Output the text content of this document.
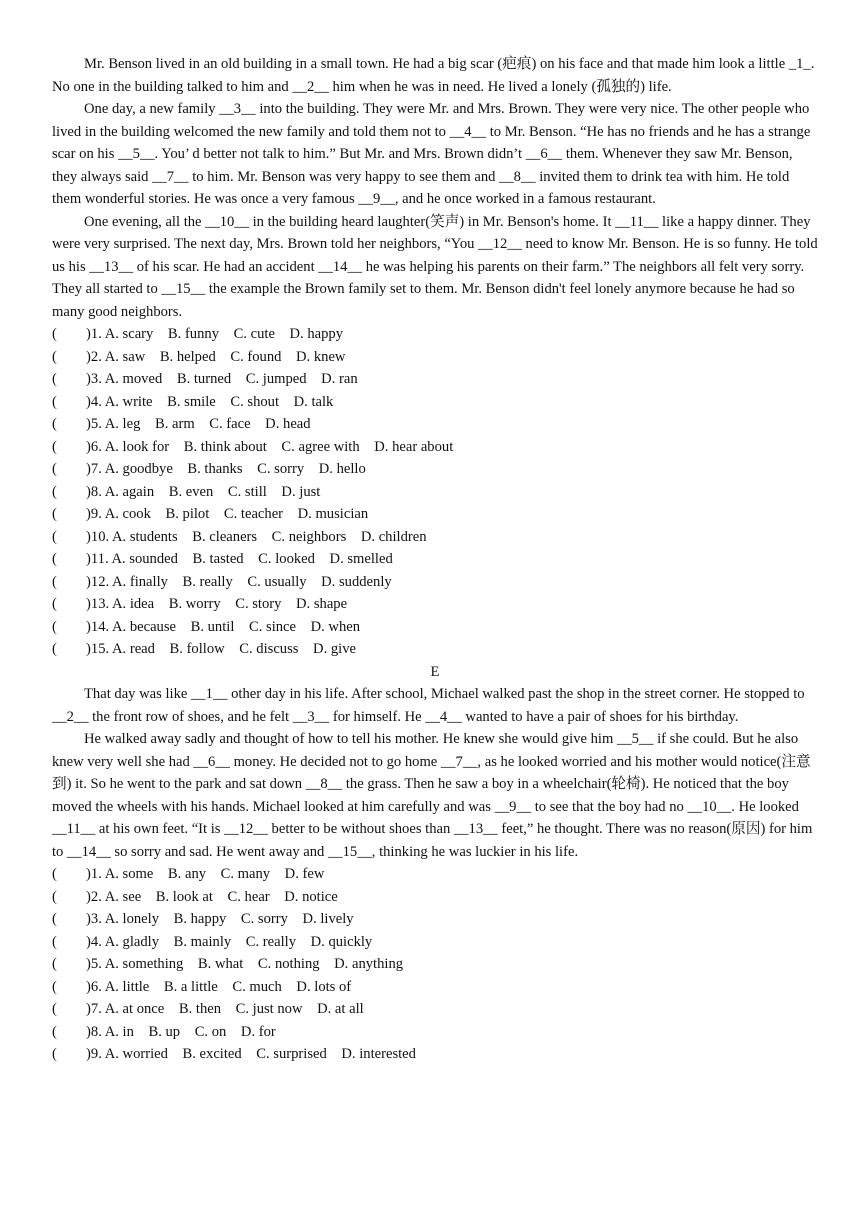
Mr. Benson lived in an old building in a small town. He had a big scar (疤痕) on his face and that made him look a little _1_. No one in the building talked to him and __2__ him when he was in need. He lived a lonely (孤独的) life.

One day, a new family __3__ into the building. They were Mr. and Mrs. Brown. They were very nice. The other people who lived in the building welcomed the new family and told them not to __4__ to Mr. Benson. “He has no friends and he has a strange scar on his __5__. You’ d better not talk to him.” But Mr. and Mrs. Brown didn’t __6__ them. Whenever they saw Mr. Benson, they always said __7__ to him. Mr. Benson was very happy to see them and __8__ invited them to drink tea with him. He told them wonderful stories. He was once a very famous __9__, and he once worked in a famous restaurant.

One evening, all the __10__ in the building heard laughter(笑声) in Mr. Benson's home. It __11__ like a happy dinner. They were very surprised. The next day, Mrs. Brown told her neighbors, “You __12__ need to know Mr. Benson. He is so funny. He told us his __13__ of his scar. He had an accident __14__ he was helping his parents on their farm.” The neighbors all felt very sorry. They all started to __15__ the example the Brown family set to them. Mr. Benson didn't feel lonely anymore because he had so many good neighbors.

(        )1. A. scary    B. funny    C. cute    D. happy

(        )2. A. saw    B. helped    C. found    D. knew

(        )3. A. moved    B. turned    C. jumped    D. ran

(        )4. A. write    B. smile    C. shout    D. talk

(        )5. A. leg    B. arm    C. face    D. head

(        )6. A. look for    B. think about    C. agree with    D. hear about

(        )7. A. goodbye    B. thanks    C. sorry    D. hello

(        )8. A. again    B. even    C. still    D. just

(        )9. A. cook    B. pilot    C. teacher    D. musician

(        )10. A. students    B. cleaners    C. neighbors    D. children

(        )11. A. sounded    B. tasted    C. looked    D. smelled

(        )12. A. finally    B. really    C. usually    D. suddenly

(        )13. A. idea    B. worry    C. story    D. shape

(        )14. A. because    B. until    C. since    D. when

(        )15. A. read    B. follow    C. discuss    D. give

E

That day was like __1__ other day in his life. After school, Michael walked past the shop in the street corner. He stopped to __2__ the front row of shoes, and he felt __3__ for himself. He __4__ wanted to have a pair of shoes for his birthday.

He walked away sadly and thought of how to tell his mother. He knew she would give him __5__ if she could. But he also knew very well she had __6__ money. He decided not to go home __7__, as he looked worried and his mother would notice(注意到) it. So he went to the park and sat down __8__ the grass. Then he saw a boy in a wheelchair(轮椅). He noticed that the boy moved the wheels with his hands. Michael looked at him carefully and was __9__ to see that the boy had no __10__. He looked __11__ at his own feet. “It is __12__ better to be without shoes than __13__ feet,” he thought. There was no reason(原因) for him to __14__ so sorry and sad. He went away and __15__, thinking he was luckier in his life.

(        )1. A. some    B. any    C. many    D. few

(        )2. A. see    B. look at    C. hear    D. notice

(        )3. A. lonely    B. happy    C. sorry    D. lively

(        )4. A. gladly    B. mainly    C. really    D. quickly

(        )5. A. something    B. what    C. nothing    D. anything

(        )6. A. little    B. a little    C. much    D. lots of

(        )7. A. at once    B. then    C. just now    D. at all

(        )8. A. in    B. up    C. on    D. for

(        )9. A. worried    B. excited    C. surprised    D. interested
